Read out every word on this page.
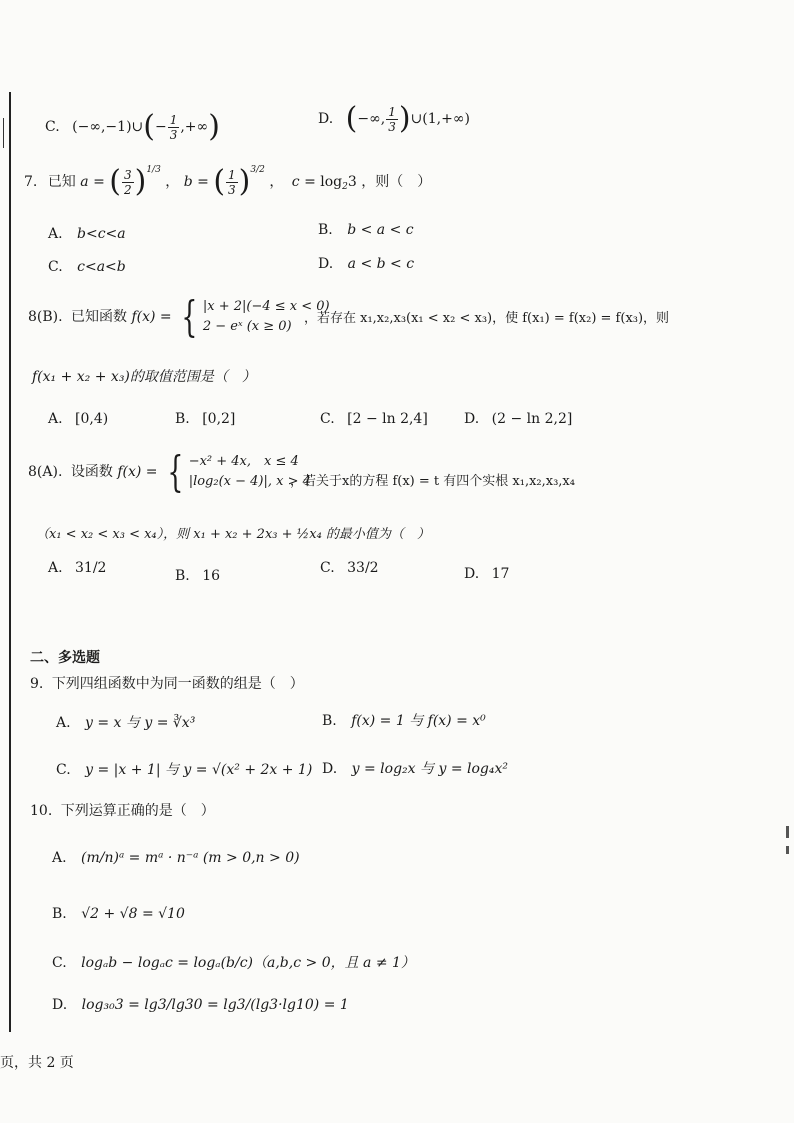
C. (−∞,−1)∪(− $\frac{1}{3}$ ,+∞)	D. (−∞, $\frac{1}{3}$ )∪(1,+∞)
7. 已知 a = ( $\frac{3}{2} )^{1/3}$ ， b = ( $\frac{1}{3} )^{3/2}$ ， $c = \log_23$ ，则（　）
A. b<c<a	B. b < a < c
C. c<a<b	D. a < b < c
8(B). 已知函数 f(x) = { |x + 2|(−4 ≤ x < 0)
2 − eˣ (x ≥ 0)
，若存在 x₁,x₂,x₃(x₁ < x₂ < x₃)，使 f(x₁) = f(x₂) = f(x₃)，则
f(x₁ + x₂ + x₃)的取值范围是（　）
A. [0,4)	B. [0,2]	C. [2 − ln 2,4]	D. (2 − ln 2,2]
8(A). 设函数 f(x) = { −x² + 4x,　x ≤ 4
|log₂(x − 4)|, x > 4
，若关于x的方程 f(x) = t 有四个实根 x₁,x₂,x₃,x₄
（x₁ < x₂ < x₃ < x₄），则 x₁ + x₂ + 2x₃ + ½x₄ 的最小值为（　）
A. 31/2	B. 16	C. 33/2	D. 17
二、多选题
9. 下列四组函数中为同一函数的组是（　）
A. y = x 与 y = ∛x³	B. f(x) = 1 与 f(x) = x⁰
C. y = |x + 1| 与 y = √(x² + 2x + 1) D. y = log₂x 与 y = log₄x²
10. 下列运算正确的是（　）
A. (m/n)ᵃ = mᵃ · n⁻ᵃ (m > 0,n > 0)
B. √2 + √8 = √10
C. logₐb − logₐc = logₐ(b/c)（a,b,c > 0，且 a ≠ 1）
D. log₃₀3 = lg3/lg30 = lg3/(lg3·lg10) = 1
页，共 2 页
